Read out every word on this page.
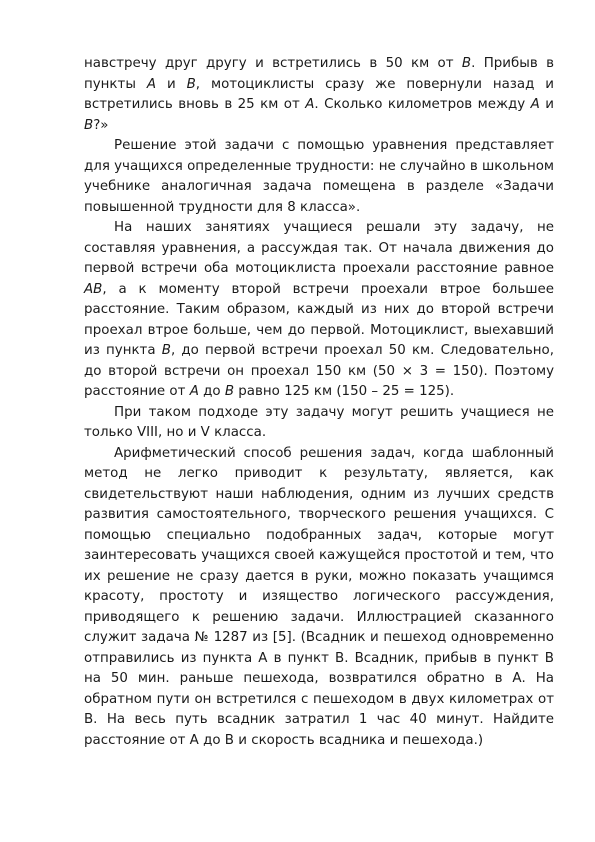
навстречу друг другу и встретились в 50 км от В. Прибыв в пункты А и В, мотоциклисты сразу же повернули назад и встретились вновь в 25 км от А. Сколько километров между А и В?»

Решение этой задачи с помощью уравнения представляет для учащихся определенные трудности: не случайно в школьном учебнике аналогичная задача помещена в разделе «Задачи повышенной трудности для 8 класса».

На наших занятиях учащиеся решали эту задачу, не составляя уравнения, а рассуждая так. От начала движения до первой встречи оба мотоциклиста проехали расстояние равное АВ, а к моменту второй встречи проехали втрое большее расстояние. Таким образом, каждый из них до второй встречи проехал втрое больше, чем до первой. Мотоциклист, выехавший из пункта В, до первой встречи проехал 50 км. Следовательно, до второй встречи он проехал 150 км (50 × 3 = 150). Поэтому расстояние от А до В равно 125 км (150 – 25 = 125).

При таком подходе эту задачу могут решить учащиеся не только VIII, но и V класса.

Арифметический способ решения задач, когда шаблонный метод не легко приводит к результату, является, как свидетельствуют наши наблюдения, одним из лучших средств развития самостоятельного, творческого решения учащихся. С помощью специально подобранных задач, которые могут заинтересовать учащихся своей кажущейся простотой и тем, что их решение не сразу дается в руки, можно показать учащимся красоту, простоту и изящество логического рассуждения, приводящего к решению задачи. Иллюстрацией сказанного служит задача № 1287 из [5]. (Всадник и пешеход одновременно отправились из пункта А в пункт В. Всадник, прибыв в пункт В на 50 мин. раньше пешехода, возвратился обратно в А. На обратном пути он встретился с пешеходом в двух километрах от В. На весь путь всадник затратил 1 час 40 минут. Найдите расстояние от А до В и скорость всадника и пешехода.)
